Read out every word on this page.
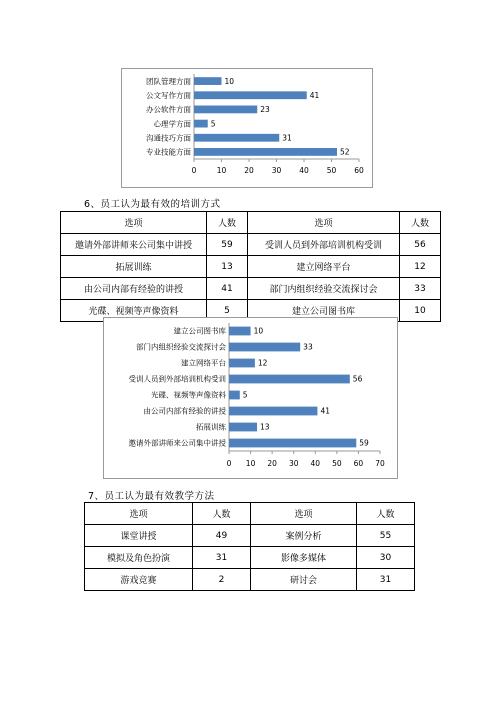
0	10 20 30 40 50 60
团队管理方面	10
公文写作方面	41
办公软件方面	23
心理学方面	5
沟通技巧方面	31
专业技能方面	52
6、员工认为最有效的培训方式
选项	人数	选项	人数
邀请外部讲师来公司集中讲授	59	受训人员到外部培训机构受训	56
拓展训练	13	建立网络平台	12
由公司内部有经验的讲授	41	部门内组织经验交流探讨会	33
光碟、视频等声像资料	5	建立公司图书库	10
0 10 20 30 40 50 60 70
建立公司图书库	10
部门内组织经验交流探讨会	33
建立网络平台	12
受训人员到外部培训机构受训	56
光碟、视频等声像资料 5
由公司内部有经验的讲授	41
拓展训练	13
邀请外部讲师来公司集中讲授	59
7、员工认为最有效教学方法
选项	人数	选项	人数
课堂讲授	49	案例分析	55
模拟及角色扮演	31	影像多媒体	30
游戏竞赛	2	研讨会	31
